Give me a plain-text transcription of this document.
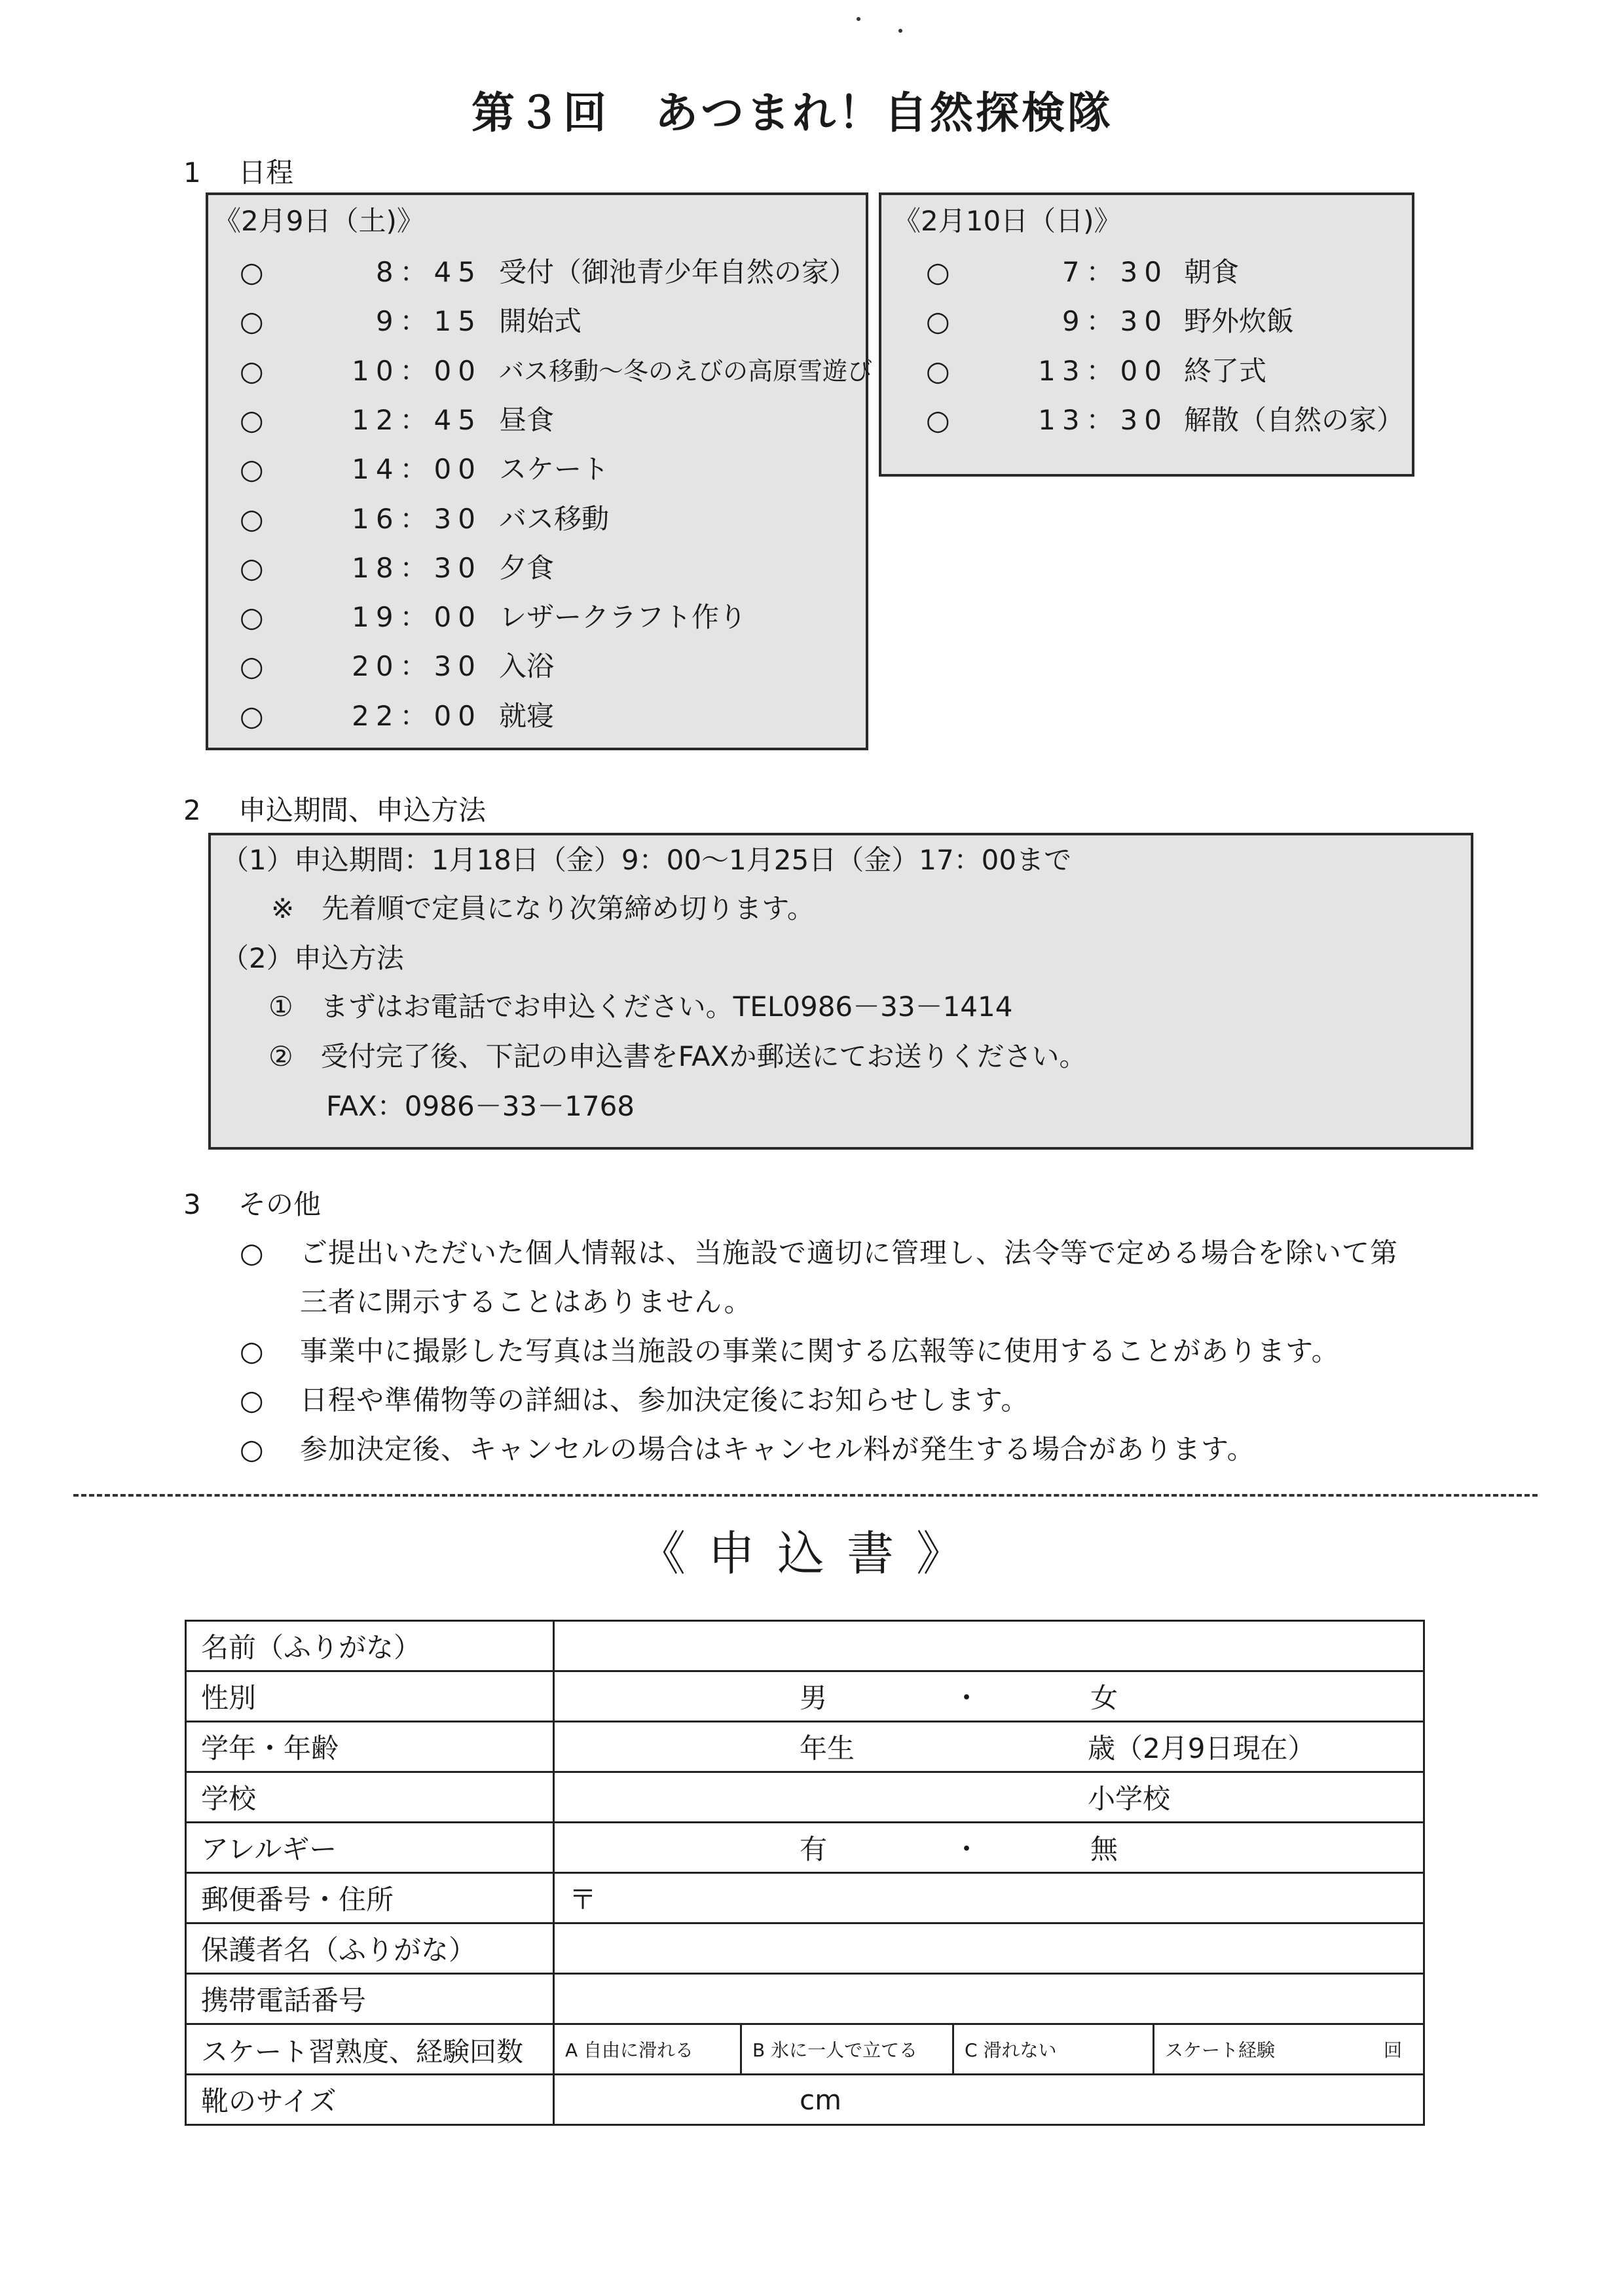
第３回　あつまれ！自然探検隊
1 日程
《2月9日（土)》
○	8：45 受付（御池青少年自然の家）
○	9：15 開始式
○	10：00 バス移動～冬のえびの高原雪遊び
○	12：45 昼食
○	14：00 スケート
○	16：30 バス移動
○	18：30 夕食
○	19：00 レザークラフト作り
○	20：30 入浴
○	22：00 就寝
《2月10日（日)》
○	7：30 朝食
○	9：30 野外炊飯
○	13：00 終了式
○	13：30 解散（自然の家）
2 申込期間、申込方法
（1）申込期間：1月18日（金）9：00～1月25日（金）17：00まで
※　先着順で定員になり次第締め切ります。
（2）申込方法
①　まずはお電話でお申込ください。TEL0986－33－1414
②　受付完了後、下記の申込書をFAXか郵送にてお送りください。
FAX：0986－33－1768
3 その他
○ ご提出いただいた個人情報は、当施設で適切に管理し、法令等で定める場合を除いて第
三者に開示することはありません。
○ 事業中に撮影した写真は当施設の事業に関する広報等に使用することがあります。
○ 日程や準備物等の詳細は、参加決定後にお知らせします。
○ 参加決定後、キャンセルの場合はキャンセル料が発生する場合があります。
《申込書》
名前（ふりがな）	
性別	男 ・ 女

学年・年齢	年生 歳（2月9日現在）

学校	小学校

アレルギー	有 ・ 無

郵便番号・住所	〒

保護者名（ふりがな）	
携帯電話番号	
スケート習熟度、経験回数	A 自由に滑れる B 氷に一人で立てる C 滑れない スケート経験 回

靴のサイズ	cm
